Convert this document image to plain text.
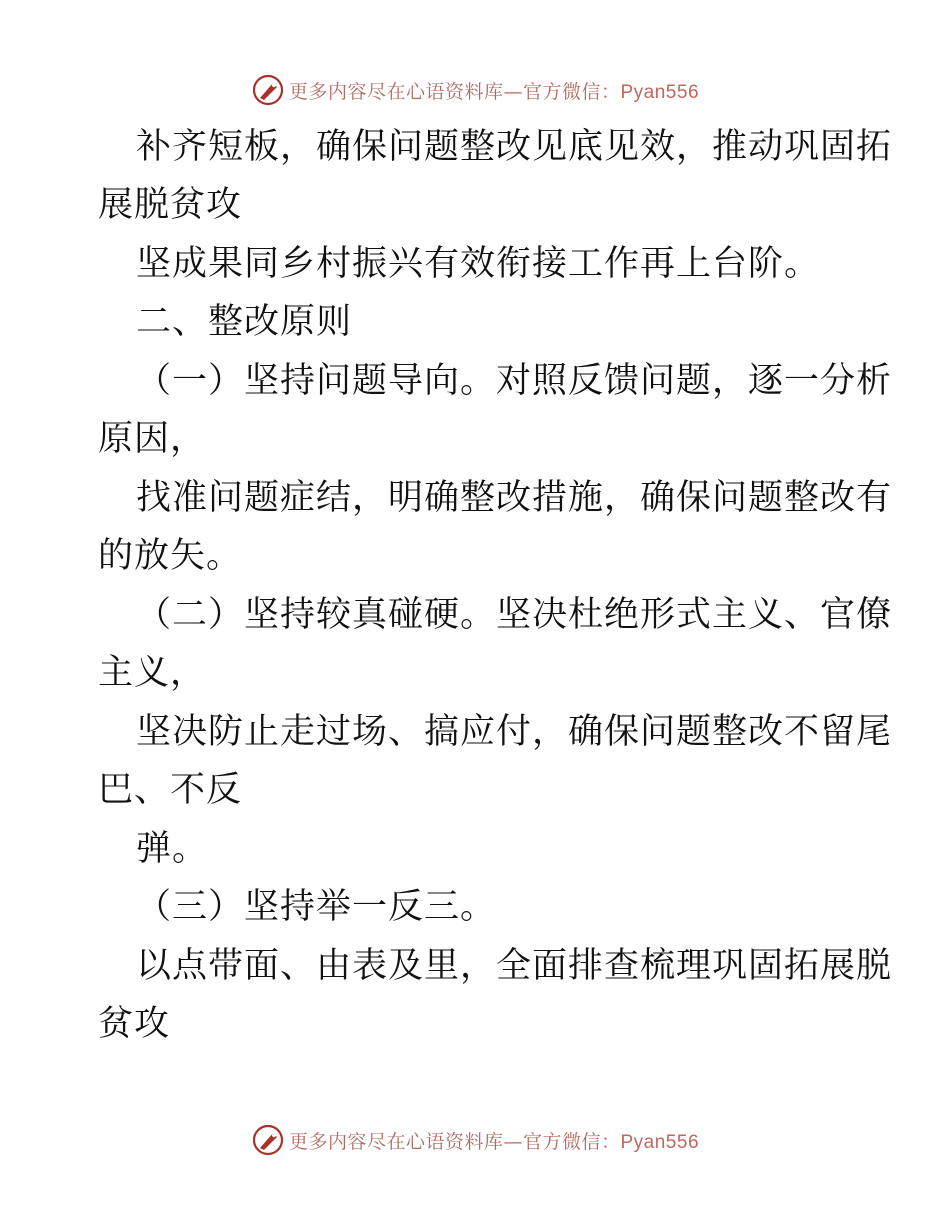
更多内容尽在心语资料库—官方微信：Pyan556
补齐短板，确保问题整改见底见效，推动巩固拓
展脱贫攻
坚成果同乡村振兴有效衔接工作再上台阶。
二、整改原则
（一）坚持问题导向。对照反馈问题，逐一分析
原因，
找准问题症结，明确整改措施，确保问题整改有
的放矢。
（二）坚持较真碰硬。坚决杜绝形式主义、官僚
主义，
坚决防止走过场、搞应付，确保问题整改不留尾
巴、不反
弹。
（三）坚持举一反三。
以点带面、由表及里，全面排查梳理巩固拓展脱
贫攻
更多内容尽在心语资料库—官方微信：Pyan556
